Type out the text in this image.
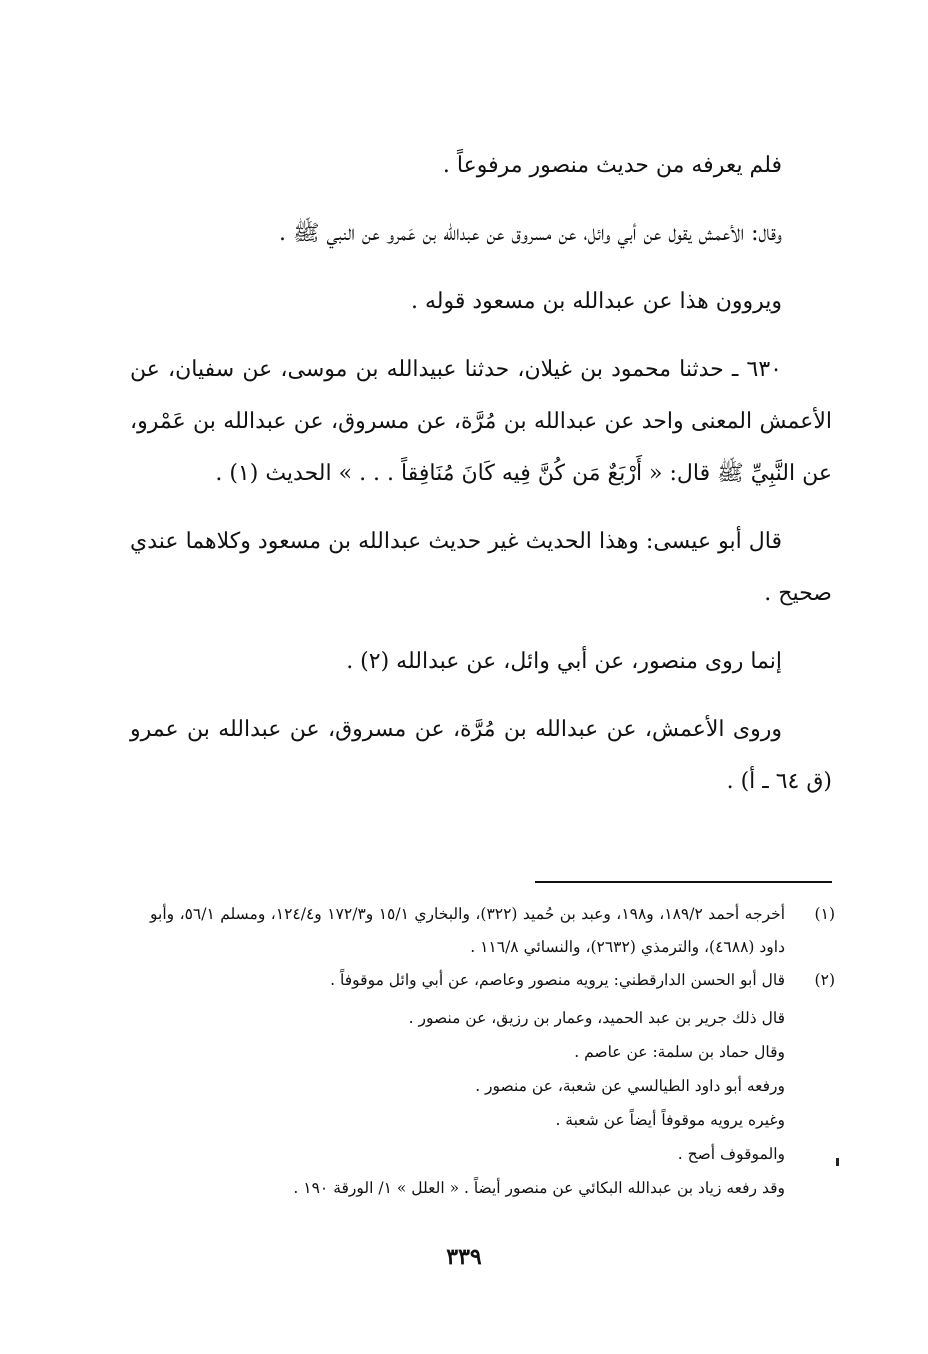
فلم يعرفه من حديث منصور مرفوعاً .

وقال: الأعمش يقول عن أبي وائل، عن مسروق عن عبدالله بن عَمرو عن النبي ﷺ .

ويروون هذا عن عبدالله بن مسعود قوله .

٦٣٠ ـ حدثنا محمود بن غيلان، حدثنا عبيدالله بن موسى، عن سفيان، عن الأعمش المعنى واحد عن عبدالله بن مُرَّة، عن مسروق، عن عبدالله بن عَمْرو، عن النَّبِيِّ ﷺ قال: « أَرْبَعٌ مَن كُنَّ فِيه كَانَ مُنَافِقاً . . . » الحديث (١) .

قال أبو عيسى: وهذا الحديث غير حديث عبدالله بن مسعود وكلاهما عندي صحيح .

إنما روى منصور، عن أبي وائل، عن عبدالله (٢) .

وروى الأعمش، عن عبدالله بن مُرَّة، عن مسروق، عن عبدالله بن عمرو (ق ٦٤ ـ أ) .

(١)
أخرجه أحمد ١٨٩/٢، و١٩٨، وعبد بن حُميد (٣٢٢)، والبخاري ١٥/١ و١٧٢/٣ و١٢٤/٤، ومسلم ٥٦/١، وأبو داود (٤٦٨٨)، والترمذي (٢٦٣٢)، والنسائي ١١٦/٨ .
(٢)
قال أبو الحسن الدارقطني: يرويه منصور وعاصم، عن أبي وائل موقوفاً .
قال ذلك جرير بن عبد الحميد، وعمار بن رزيق، عن منصور .
وقال حماد بن سلمة: عن عاصم .
ورفعه أبو داود الطيالسي عن شعبة، عن منصور .
وغيره يرويه موقوفاً أيضاً عن شعبة .
والموقوف أصح .
وقد رفعه زياد بن عبدالله البكائي عن منصور أيضاً . « العلل » ١/ الورقة ١٩٠ .
٣٣٩
